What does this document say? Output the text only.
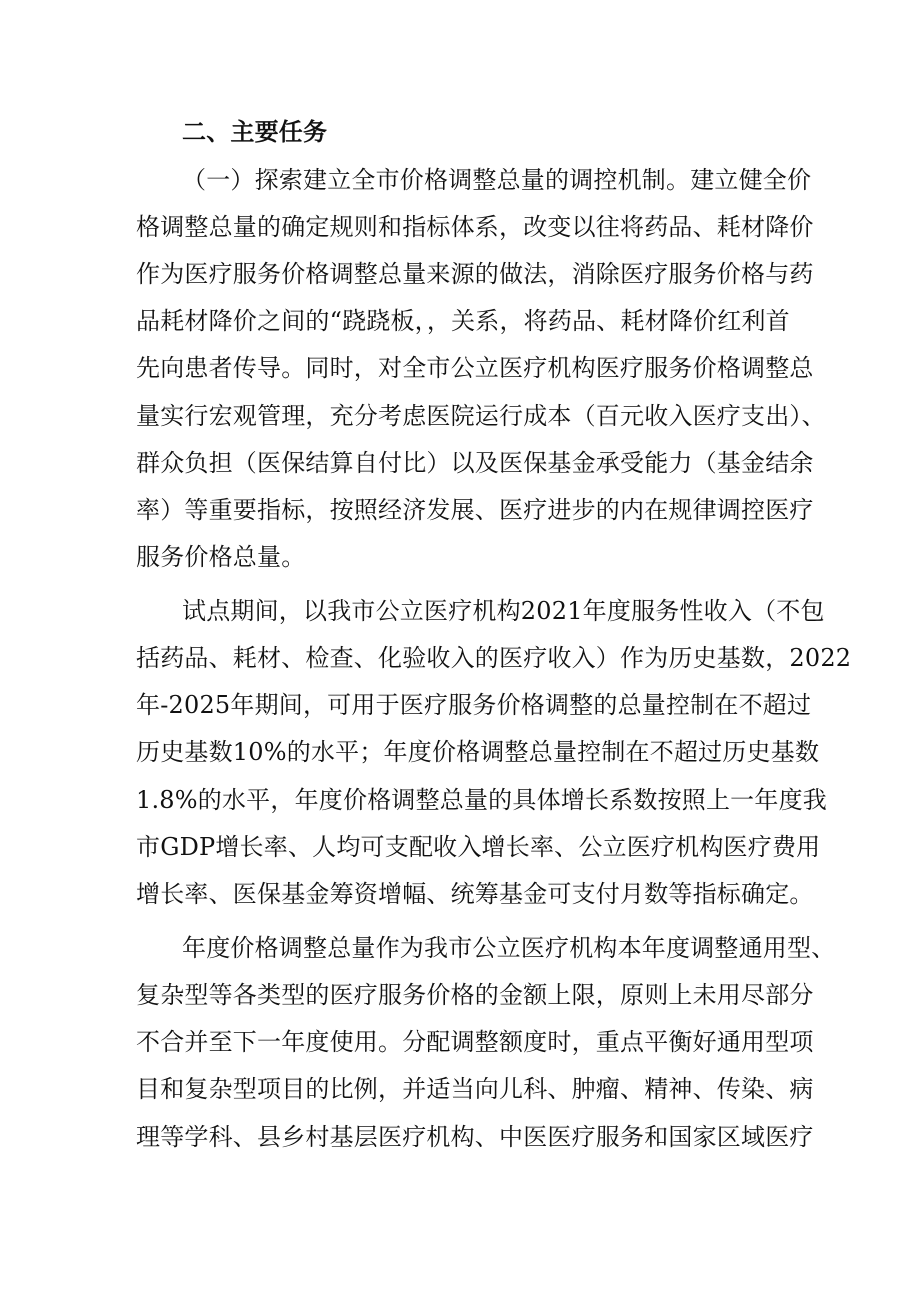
二、主要任务
（一）探索建立全市价格调整总量的调控机制。建立健全价
格调整总量的确定规则和指标体系，改变以往将药品、耗材降价
作为医疗服务价格调整总量来源的做法，消除医疗服务价格与药
品耗材降价之间的“跷跷板，，关系，将药品、耗材降价红利首
先向患者传导。同时，对全市公立医疗机构医疗服务价格调整总
量实行宏观管理，充分考虑医院运行成本（百元收入医疗支出）、
群众负担（医保结算自付比）以及医保基金承受能力（基金结余
率）等重要指标，按照经济发展、医疗进步的内在规律调控医疗
服务价格总量。
试点期间，以我市公立医疗机构2021年度服务性收入（不包
括药品、耗材、检查、化验收入的医疗收入）作为历史基数，2022
年-2025年期间，可用于医疗服务价格调整的总量控制在不超过
历史基数10%的水平；年度价格调整总量控制在不超过历史基数
1.8%的水平，年度价格调整总量的具体增长系数按照上一年度我
市GDP增长率、人均可支配收入增长率、公立医疗机构医疗费用
增长率、医保基金筹资增幅、统筹基金可支付月数等指标确定。
年度价格调整总量作为我市公立医疗机构本年度调整通用型、
复杂型等各类型的医疗服务价格的金额上限，原则上未用尽部分
不合并至下一年度使用。分配调整额度时，重点平衡好通用型项
目和复杂型项目的比例，并适当向儿科、肿瘤、精神、传染、病
理等学科、县乡村基层医疗机构、中医医疗服务和国家区域医疗
